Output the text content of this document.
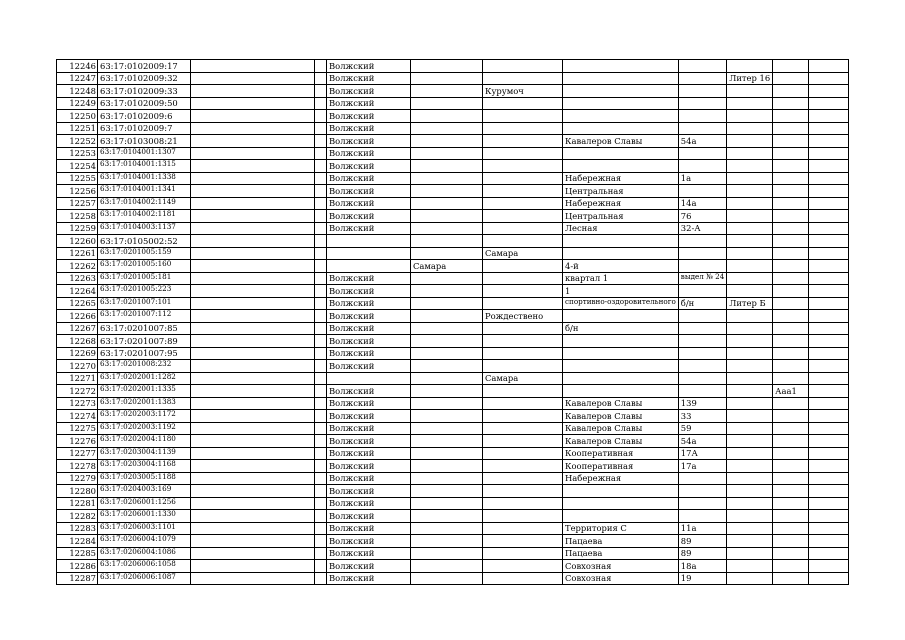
12246	63:17:0102009:17			Волжский							
12247	63:17:0102009:32			Волжский					Литер 16		
12248	63:17:0102009:33			Волжский		Курумоч					
12249	63:17:0102009:50			Волжский							
12250	63:17:0102009:6			Волжский							
12251	63:17:0102009:7			Волжский							
12252	63:17:0103008:21			Волжский			Кавалеров Славы	54а			
12253	63:17:0104001:1307			Волжский							
12254	63:17:0104001:1315			Волжский							
12255	63:17:0104001:1338			Волжский			Набережная	1а			
12256	63:17:0104001:1341			Волжский			Центральная				
12257	63:17:0104002:1149			Волжский			Набережная	14а			
12258	63:17:0104002:1181			Волжский			Центральная	76			
12259	63:17:0104003:1137			Волжский			Лесная	32-А			
12260	63:17:0105002:52										
12261	63:17:0201005:159					Самара					
12262	63:17:0201005:160				Самара		4-й				
12263	63:17:0201005:181			Волжский			квартал 1	выдел № 24			
12264	63:17:0201005:223			Волжский			1				
12265	63:17:0201007:101			Волжский			спортивно-оздоровительного	б/н	Литер Б		
12266	63:17:0201007:112			Волжский		Рождествено					
12267	63:17:0201007:85			Волжский			б/н				
12268	63:17:0201007:89			Волжский							
12269	63:17:0201007:95			Волжский							
12270	63:17:0201008:232			Волжский							
12271	63:17:0202001:1282					Самара					
12272	63:17:0202001:1335			Волжский						Ааа1	
12273	63:17:0202001:1383			Волжский			Кавалеров Славы	139			
12274	63:17:0202003:1172			Волжский			Кавалеров Славы	33			
12275	63:17:0202003:1192			Волжский			Кавалеров Славы	59			
12276	63:17:0202004:1180			Волжский			Кавалеров Славы	54а			
12277	63:17:0203004:1139			Волжский			Кооперативная	17А			
12278	63:17:0203004:1168			Волжский			Кооперативная	17а			
12279	63:17:0203005:1188			Волжский			Набережная				
12280	63:17:0204003:169			Волжский							
12281	63:17:0206001:1256			Волжский							
12282	63:17:0206001:1330			Волжский							
12283	63:17:0206003:1101			Волжский			Территория С	11а			
12284	63:17:0206004:1079			Волжский			Пацаева	89			
12285	63:17:0206004:1086			Волжский			Пацаева	89			
12286	63:17:0206006:1058			Волжский			Совхозная	18а			
12287	63:17:0206006:1087			Волжский			Совхозная	19			
